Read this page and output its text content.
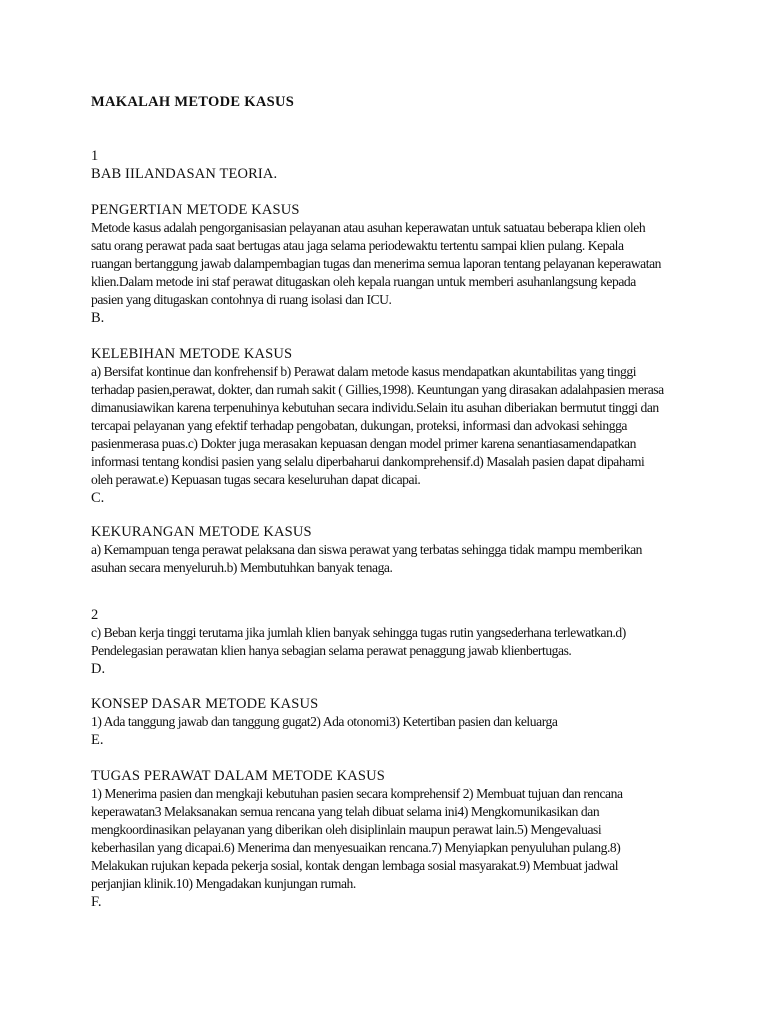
MAKALAH METODE KASUS
1
BAB IILANDASAN TEORIA.
PENGERTIAN METODE KASUS
Metode kasus adalah pengorganisasian pelayanan atau asuhan keperawatan untuk satuatau beberapa klien oleh
satu orang perawat pada saat bertugas atau jaga selama periodewaktu tertentu sampai klien pulang. Kepala
ruangan bertanggung jawab dalampembagian tugas dan menerima semua laporan tentang pelayanan keperawatan
klien.Dalam metode ini staf perawat ditugaskan oleh kepala ruangan untuk memberi asuhanlangsung kepada
pasien yang ditugaskan contohnya di ruang isolasi dan ICU.
B.
KELEBIHAN METODE KASUS
a) Bersifat kontinue dan konfrehensif b) Perawat dalam metode kasus mendapatkan akuntabilitas yang tinggi
terhadap pasien,perawat, dokter, dan rumah sakit ( Gillies,1998). Keuntungan yang dirasakan adalahpasien merasa
dimanusiawikan karena terpenuhinya kebutuhan secara individu.Selain itu asuhan diberiakan bermutut tinggi dan
tercapai pelayanan yang efektif terhadap pengobatan, dukungan, proteksi, informasi dan advokasi sehingga
pasienmerasa puas.c) Dokter juga merasakan kepuasan dengan model primer karena senantiasamendapatkan
informasi tentang kondisi pasien yang selalu diperbaharui dankomprehensif.d) Masalah pasien dapat dipahami
oleh perawat.e) Kepuasan tugas secara keseluruhan dapat dicapai.
C.
KEKURANGAN METODE KASUS
a) Kemampuan tenga perawat pelaksana dan siswa perawat yang terbatas sehingga tidak mampu memberikan
asuhan secara menyeluruh.b) Membutuhkan banyak tenaga.
2
c) Beban kerja tinggi terutama jika jumlah klien banyak sehingga tugas rutin yangsederhana terlewatkan.d)
Pendelegasian perawatan klien hanya sebagian selama perawat penaggung jawab klienbertugas.
D.
KONSEP DASAR METODE KASUS
1) Ada tanggung jawab dan tanggung gugat2) Ada otonomi3) Ketertiban pasien dan keluarga
E.
TUGAS PERAWAT DALAM METODE KASUS
1) Menerima pasien dan mengkaji kebutuhan pasien secara komprehensif 2) Membuat tujuan dan rencana
keperawatan3 Melaksanakan semua rencana yang telah dibuat selama ini4) Mengkomunikasikan dan
mengkoordinasikan pelayanan yang diberikan oleh disiplinlain maupun perawat lain.5) Mengevaluasi
keberhasilan yang dicapai.6) Menerima dan menyesuaikan rencana.7) Menyiapkan penyuluhan pulang.8)
Melakukan rujukan kepada pekerja sosial, kontak dengan lembaga sosial masyarakat.9) Membuat jadwal
perjanjian klinik.10) Mengadakan kunjungan rumah.
F.
